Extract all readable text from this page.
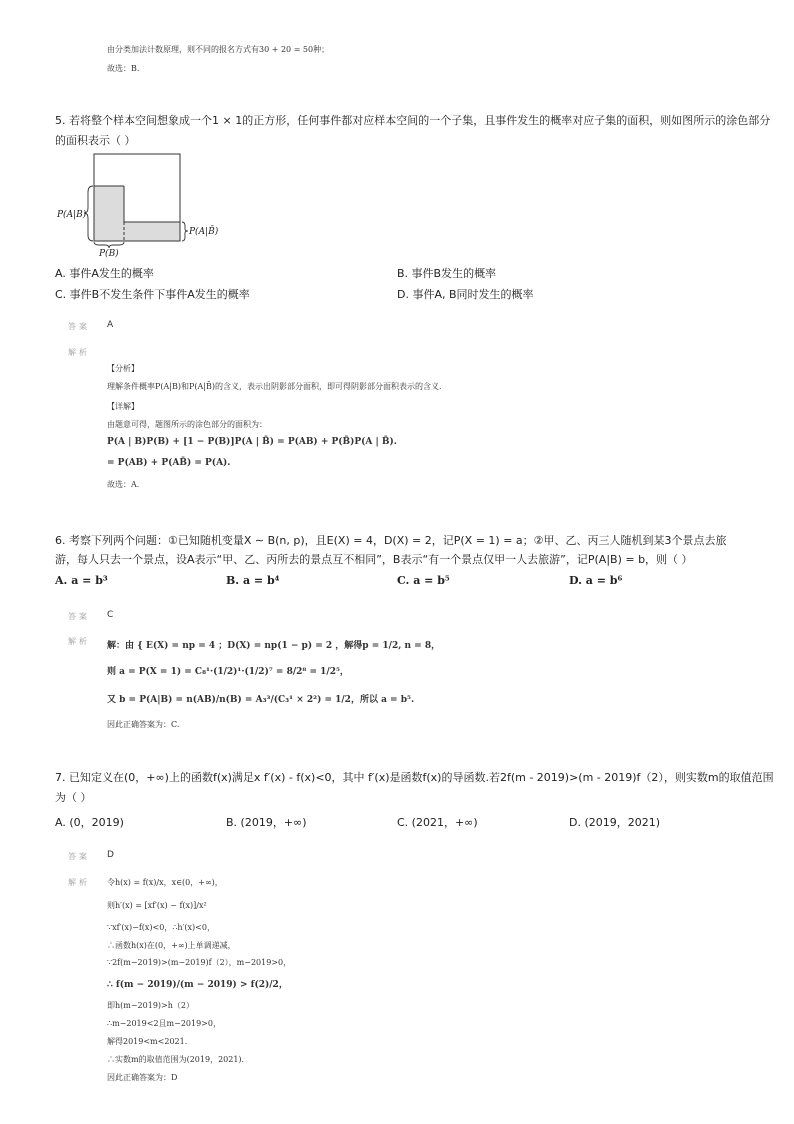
由分类加法计数原理，则不同的报名方式有30 + 20 = 50种；
故选：B.
5. 若将整个样本空间想象成一个1 × 1的正方形，任何事件都对应样本空间的一个子集，且事件发生的概率对应子集的面积，则如图所示的涂色部分
的面积表示（ ）
P(A|B)
P(A|B̄)
P(B)
A. 事件A发生的概率	B. 事件B发生的概率
C. 事件B不发生条件下事件A发生的概率	D. 事件A, B同时发生的概率
答案 A
解析
【分析】
理解条件概率P(A|B)和P(A|B̄)的含义，表示出阴影部分面积，即可得阴影部分面积表示的含义.
【详解】
由题意可得，题图所示的涂色部分的面积为：
P(A | B)P(B) + [1 − P(B)]P(A | B̄) = P(AB) + P(B̄)P(A | B̄).
= P(AB) + P(AB̄) = P(A).
故选：A.
6. 考察下列两个问题：①已知随机变量X ∼ B(n, p)，且E(X) = 4，D(X) = 2，记P(X = 1) = a；②甲、乙、丙三人随机到某3个景点去旅
游，每人只去一个景点，设A表示“甲、乙、丙所去的景点互不相同”，B表示“有一个景点仅甲一人去旅游”，记P(A|B) = b，则（ ）
A. a = b³	B. a = b⁴	C. a = b⁵	D. a = b⁶
答案 C
解析 解：由 { E(X) = np = 4 ；D(X) = np(1 − p) = 2 ，解得p = 1/2, n = 8，
则 a = P(X = 1) = C₈¹·(1/2)¹·(1/2)⁷ = 8/2⁸ = 1/2⁵，
又 b = P(A|B) = n(AB)/n(B) = A₃³/(C₃¹ × 2²) = 1/2，所以 a = b⁵.
因此正确答案为：C.
7. 已知定义在(0，+∞)上的函数f(x)满足x f′(x) - f(x)<0，其中 f′(x)是函数f(x)的导函数.若2f(m - 2019)>(m - 2019)f（2），则实数m的取值范围
为（ ）
A. (0，2019)	B. (2019，+∞)	C. (2021，+∞)	D. (2019，2021)
答案 D
解析 令h(x) = f(x)/x，x∈(0，+∞)，
则h′(x) = [xf′(x) − f(x)]/x²
∵xf′(x)−f(x)<0，∴h′(x)<0，
∴函数h(x)在(0，+∞)上单调递减，
∵2f(m−2019)>(m−2019)f（2），m−2019>0，
∴ f(m − 2019)/(m − 2019) > f(2)/2，
即h(m−2019)>h（2）
∴m−2019<2且m−2019>0，
解得2019<m<2021.
∴实数m的取值范围为(2019，2021).
因此正确答案为：D
